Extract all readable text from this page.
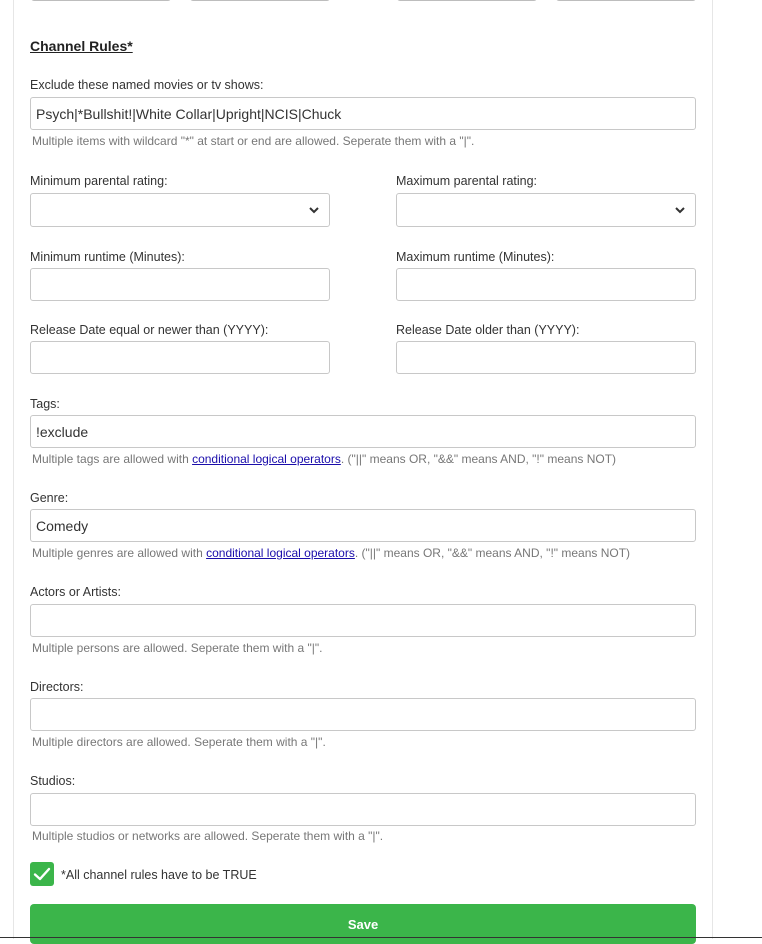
Channel Rules*
Exclude these named movies or tv shows:
Psych|*Bullshit!|White Collar|Upright|NCIS|Chuck
Multiple items with wildcard "*" at start or end are allowed. Seperate them with a "|".
Minimum parental rating:	Maximum parental rating:
Minimum runtime (Minutes):	Maximum runtime (Minutes):
Release Date equal or newer than (YYYY):	Release Date older than (YYYY):
Tags:
!exclude
Multiple tags are allowed with conditional logical operators. ("||" means OR, "&&" means AND, "!" means NOT)
Genre:
Comedy
Multiple genres are allowed with conditional logical operators. ("||" means OR, "&&" means AND, "!" means NOT)
Actors or Artists:
Multiple persons are allowed. Seperate them with a "|".
Directors:
Multiple directors are allowed. Seperate them with a "|".
Studios:
Multiple studios or networks are allowed. Seperate them with a "|".
*All channel rules have to be TRUE
Save
